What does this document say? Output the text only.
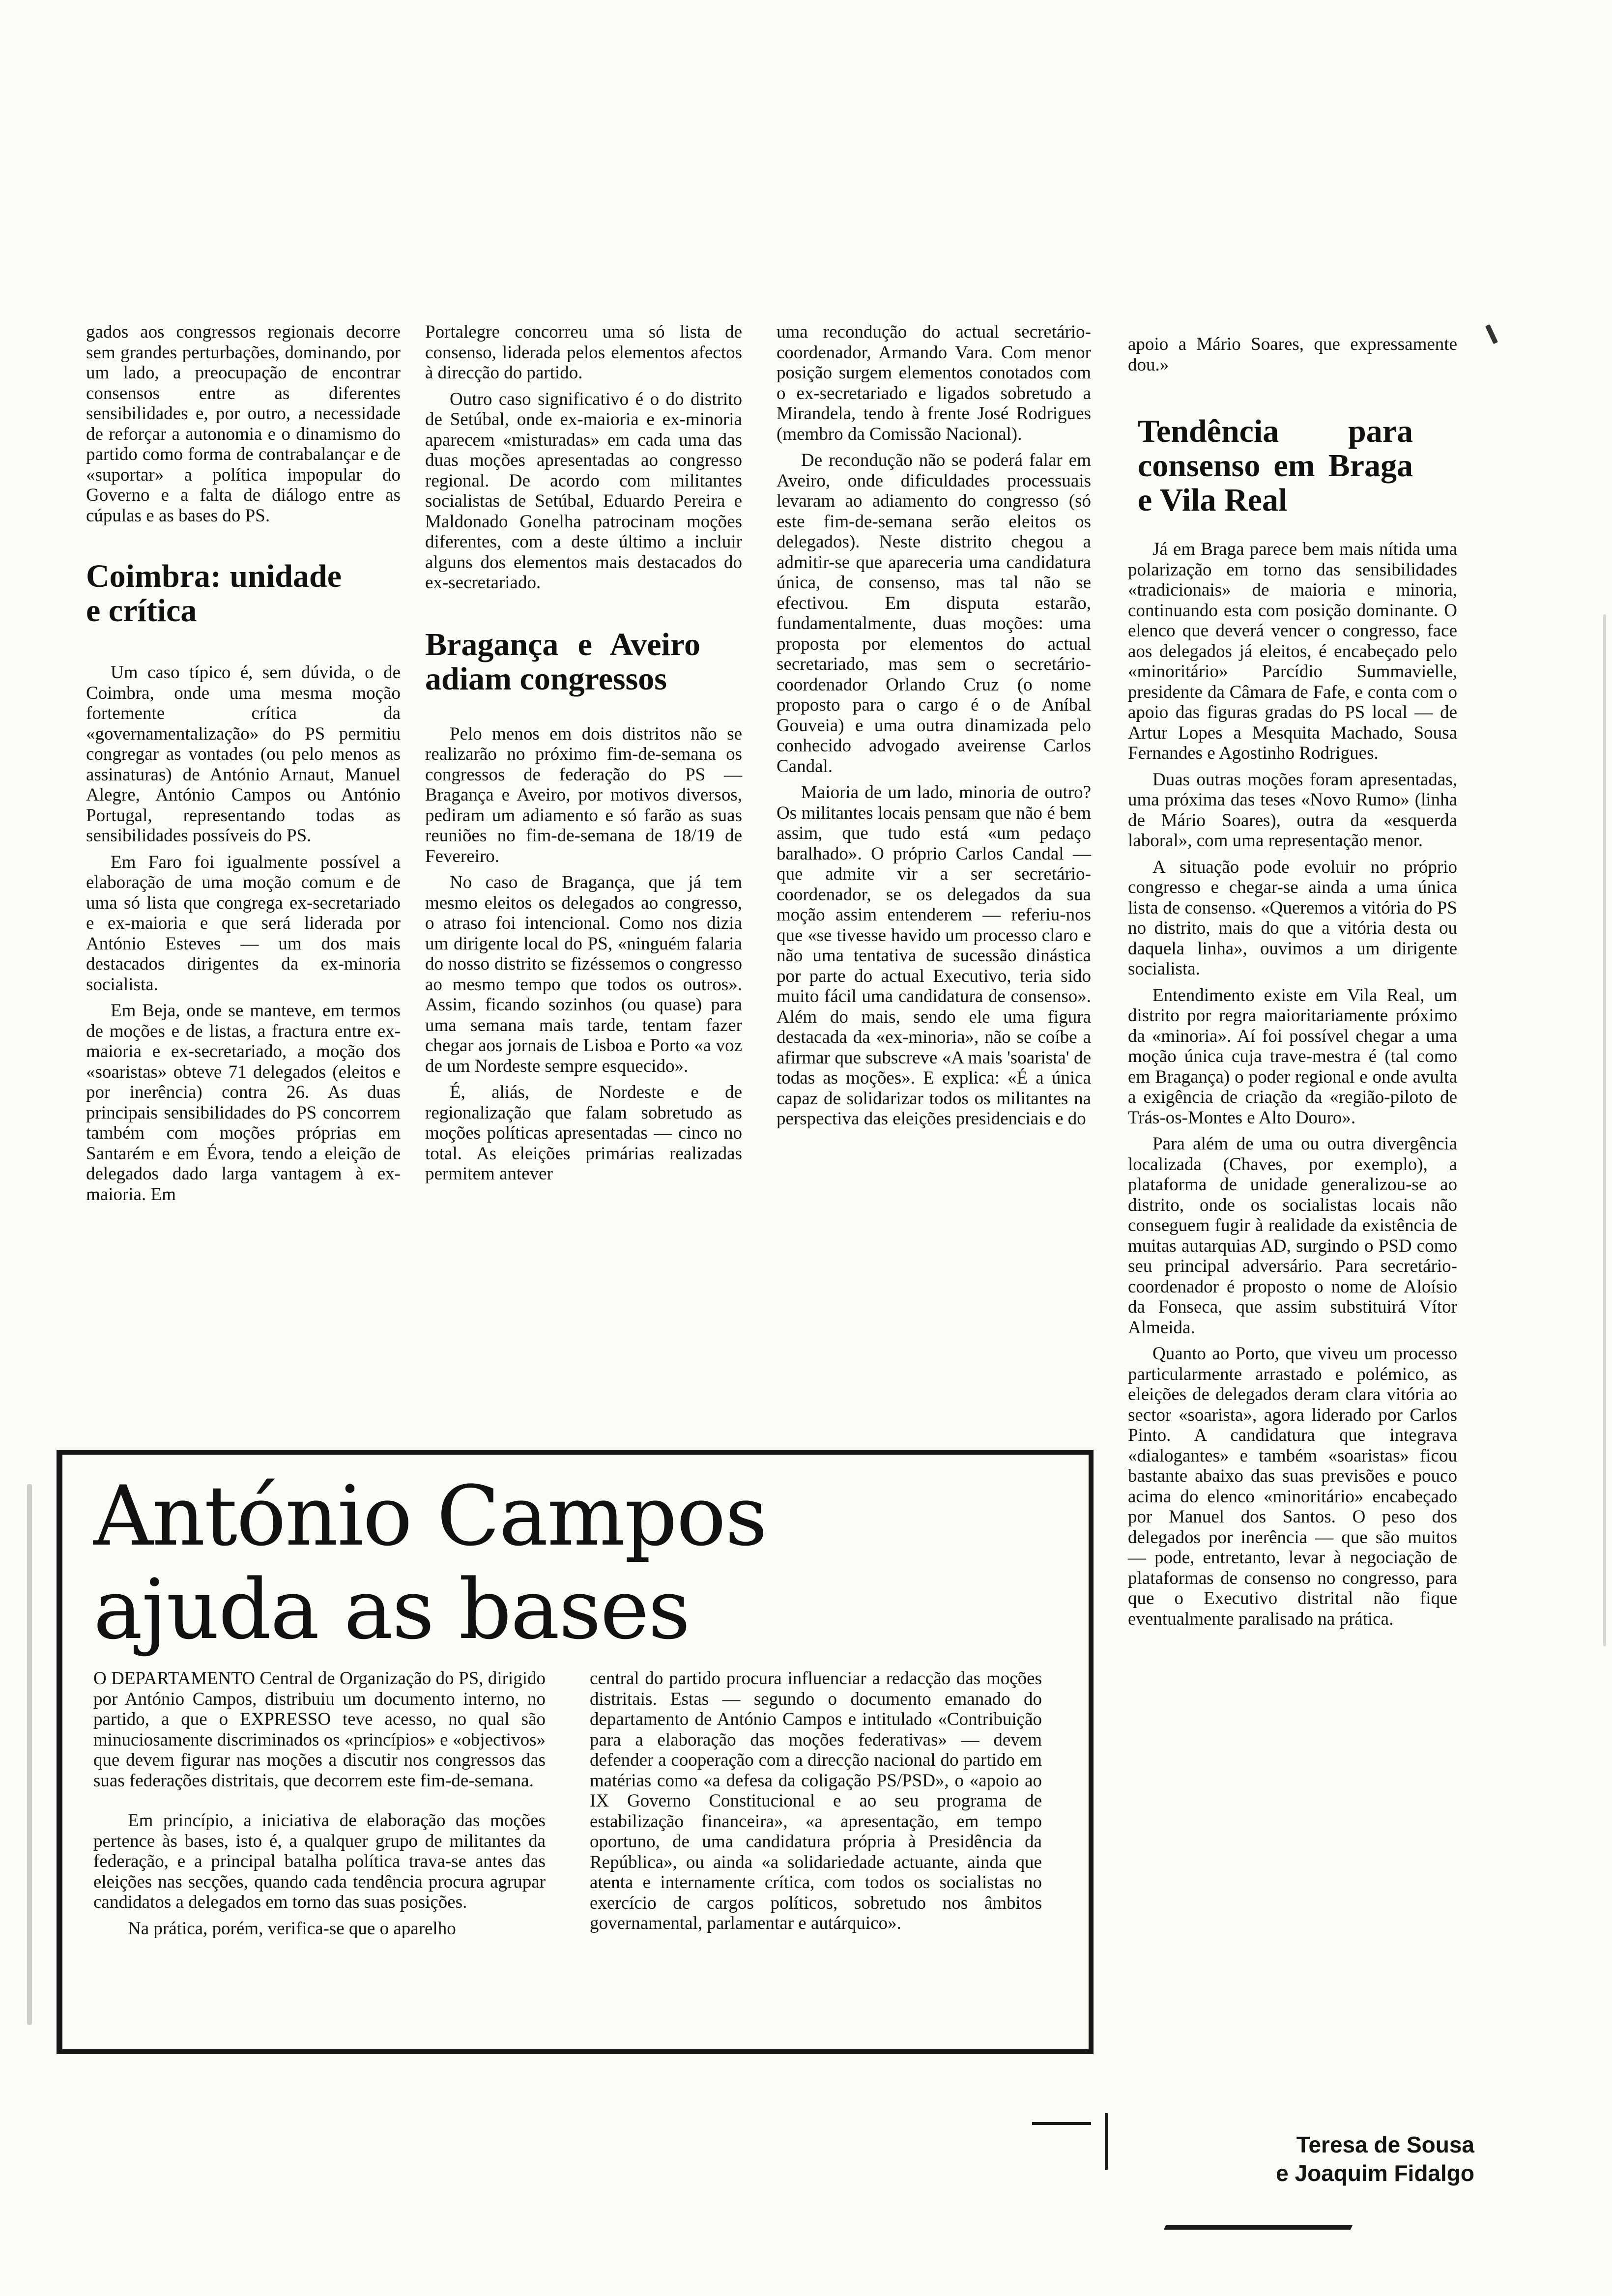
gados aos congressos regionais decorre sem grandes perturbações, dominando, por um lado, a preocupação de encontrar consensos entre as diferentes sensibilidades e, por outro, a necessidade de reforçar a autonomia e o dinamismo do partido como forma de contrabalançar e de «suportar» a política impopular do Governo e a falta de diálogo entre as cúpulas e as bases do PS.

Coimbra: unidade e crítica

Um caso típico é, sem dúvida, o de Coimbra, onde uma mesma moção fortemente crítica da «governamentalização» do PS permitiu congregar as vontades (ou pelo menos as assinaturas) de António Arnaut, Manuel Alegre, António Campos ou António Portugal, representando todas as sensibilidades possíveis do PS.

Em Faro foi igualmente possível a elaboração de uma moção comum e de uma só lista que congrega ex-secretariado e ex-maioria e que será liderada por António Esteves — um dos mais destacados dirigentes da ex-minoria socialista.

Em Beja, onde se manteve, em termos de moções e de listas, a fractura entre ex-maioria e ex-secretariado, a moção dos «soaristas» obteve 71 delegados (eleitos e por inerência) contra 26. As duas principais sensibilidades do PS concorrem também com moções próprias em Santarém e em Évora, tendo a eleição de delegados dado larga vantagem à ex-maioria. Em

Portalegre concorreu uma só lista de consenso, liderada pelos elementos afectos à direcção do partido.

Outro caso significativo é o do distrito de Setúbal, onde ex-maioria e ex-minoria aparecem «misturadas» em cada uma das duas moções apresentadas ao congresso regional. De acordo com militantes socialistas de Setúbal, Eduardo Pereira e Maldonado Gonelha patrocinam moções diferentes, com a deste último a incluir alguns dos elementos mais destacados do ex-secretariado.

Bragança e Aveiro adiam congressos

Pelo menos em dois distritos não se realizarão no próximo fim-de-semana os congressos de federação do PS — Bragança e Aveiro, por motivos diversos, pediram um adiamento e só farão as suas reuniões no fim-de-semana de 18/19 de Fevereiro.

No caso de Bragança, que já tem mesmo eleitos os delegados ao congresso, o atraso foi intencional. Como nos dizia um dirigente local do PS, «ninguém falaria do nosso distrito se fizéssemos o congresso ao mesmo tempo que todos os outros». Assim, ficando sozinhos (ou quase) para uma semana mais tarde, tentam fazer chegar aos jornais de Lisboa e Porto «a voz de um Nordeste sempre esquecido».

É, aliás, de Nordeste e de regionalização que falam sobretudo as moções políticas apresentadas — cinco no total. As eleições primárias realizadas permitem antever

uma recondução do actual secretário-coordenador, Armando Vara. Com menor posição surgem elementos conotados com o ex-secretariado e ligados sobretudo a Mirandela, tendo à frente José Rodrigues (membro da Comissão Nacional).

De recondução não se poderá falar em Aveiro, onde dificuldades processuais levaram ao adiamento do congresso (só este fim-de-semana serão eleitos os delegados). Neste distrito chegou a admitir-se que apareceria uma candidatura única, de consenso, mas tal não se efectivou. Em disputa estarão, fundamentalmente, duas moções: uma proposta por elementos do actual secretariado, mas sem o secretário-coordenador Orlando Cruz (o nome proposto para o cargo é o de Aníbal Gouveia) e uma outra dinamizada pelo conhecido advogado aveirense Carlos Candal.

Maioria de um lado, minoria de outro? Os militantes locais pensam que não é bem assim, que tudo está «um pedaço baralhado». O próprio Carlos Candal — que admite vir a ser secretário-coordenador, se os delegados da sua moção assim entenderem — referiu-nos que «se tivesse havido um processo claro e não uma tentativa de sucessão dinástica por parte do actual Executivo, teria sido muito fácil uma candidatura de consenso». Além do mais, sendo ele uma figura destacada da «ex-minoria», não se coíbe a afirmar que subscreve «A mais 'soarista' de todas as moções». E explica: «É a única capaz de solidarizar todos os militantes na perspectiva das eleições presidenciais e do

apoio a Mário Soares, que expressamente dou.»

Tendência para consenso em Braga e Vila Real

Já em Braga parece bem mais nítida uma polarização em torno das sensibilidades «tradicionais» de maioria e minoria, continuando esta com posição dominante. O elenco que deverá vencer o congresso, face aos delegados já eleitos, é encabeçado pelo «minoritário» Parcídio Summavielle, presidente da Câmara de Fafe, e conta com o apoio das figuras gradas do PS local — de Artur Lopes a Mesquita Machado, Sousa Fernandes e Agostinho Rodrigues.

Duas outras moções foram apresentadas, uma próxima das teses «Novo Rumo» (linha de Mário Soares), outra da «esquerda laboral», com uma representação menor.

A situação pode evoluir no próprio congresso e chegar-se ainda a uma única lista de consenso. «Queremos a vitória do PS no distrito, mais do que a vitória desta ou daquela linha», ouvimos a um dirigente socialista.

Entendimento existe em Vila Real, um distrito por regra maioritariamente próximo da «minoria». Aí foi possível chegar a uma moção única cuja trave-mestra é (tal como em Bragança) o poder regional e onde avulta a exigência de criação da «região-piloto de Trás-os-Montes e Alto Douro».

Para além de uma ou outra divergência localizada (Chaves, por exemplo), a plataforma de unidade generalizou-se ao distrito, onde os socialistas locais não conseguem fugir à realidade da existência de muitas autarquias AD, surgindo o PSD como seu principal adversário. Para secretário-coordenador é proposto o nome de Aloísio da Fonseca, que assim substituirá Vítor Almeida.

Quanto ao Porto, que viveu um processo particularmente arrastado e polémico, as eleições de delegados deram clara vitória ao sector «soarista», agora liderado por Carlos Pinto. A candidatura que integrava «dialogantes» e também «soaristas» ficou bastante abaixo das suas previsões e pouco acima do elenco «minoritário» encabeçado por Manuel dos Santos. O peso dos delegados por inerência — que são muitos — pode, entretanto, levar à negociação de plataformas de consenso no congresso, para que o Executivo distrital não fique eventualmente paralisado na prática.

António Campos
ajuda as bases

O DEPARTAMENTO Central de Organização do PS, dirigido por António Campos, distribuiu um documento interno, no partido, a que o EXPRESSO teve acesso, no qual são minuciosamente discriminados os «princípios» e «objectivos» que devem figurar nas moções a discutir nos congressos das suas federações distritais, que decorrem este fim-de-semana.

Em princípio, a iniciativa de elaboração das moções pertence às bases, isto é, a qualquer grupo de militantes da federação, e a principal batalha política trava-se antes das eleições nas secções, quando cada tendência procura agrupar candidatos a delegados em torno das suas posições.

Na prática, porém, verifica-se que o aparelho

central do partido procura influenciar a redacção das moções distritais. Estas — segundo o documento emanado do departamento de António Campos e intitulado «Contribuição para a elaboração das moções federativas» — devem defender a cooperação com a direcção nacional do partido em matérias como «a defesa da coligação PS/PSD», o «apoio ao IX Governo Constitucional e ao seu programa de estabilização financeira», «a apresentação, em tempo oportuno, de uma candidatura própria à Presidência da República», ou ainda «a solidariedade actuante, ainda que atenta e internamente crítica, com todos os socialistas no exercício de cargos políticos, sobretudo nos âmbitos governamental, parlamentar e autárquico».

Teresa de Sousa
e Joaquim Fidalgo
